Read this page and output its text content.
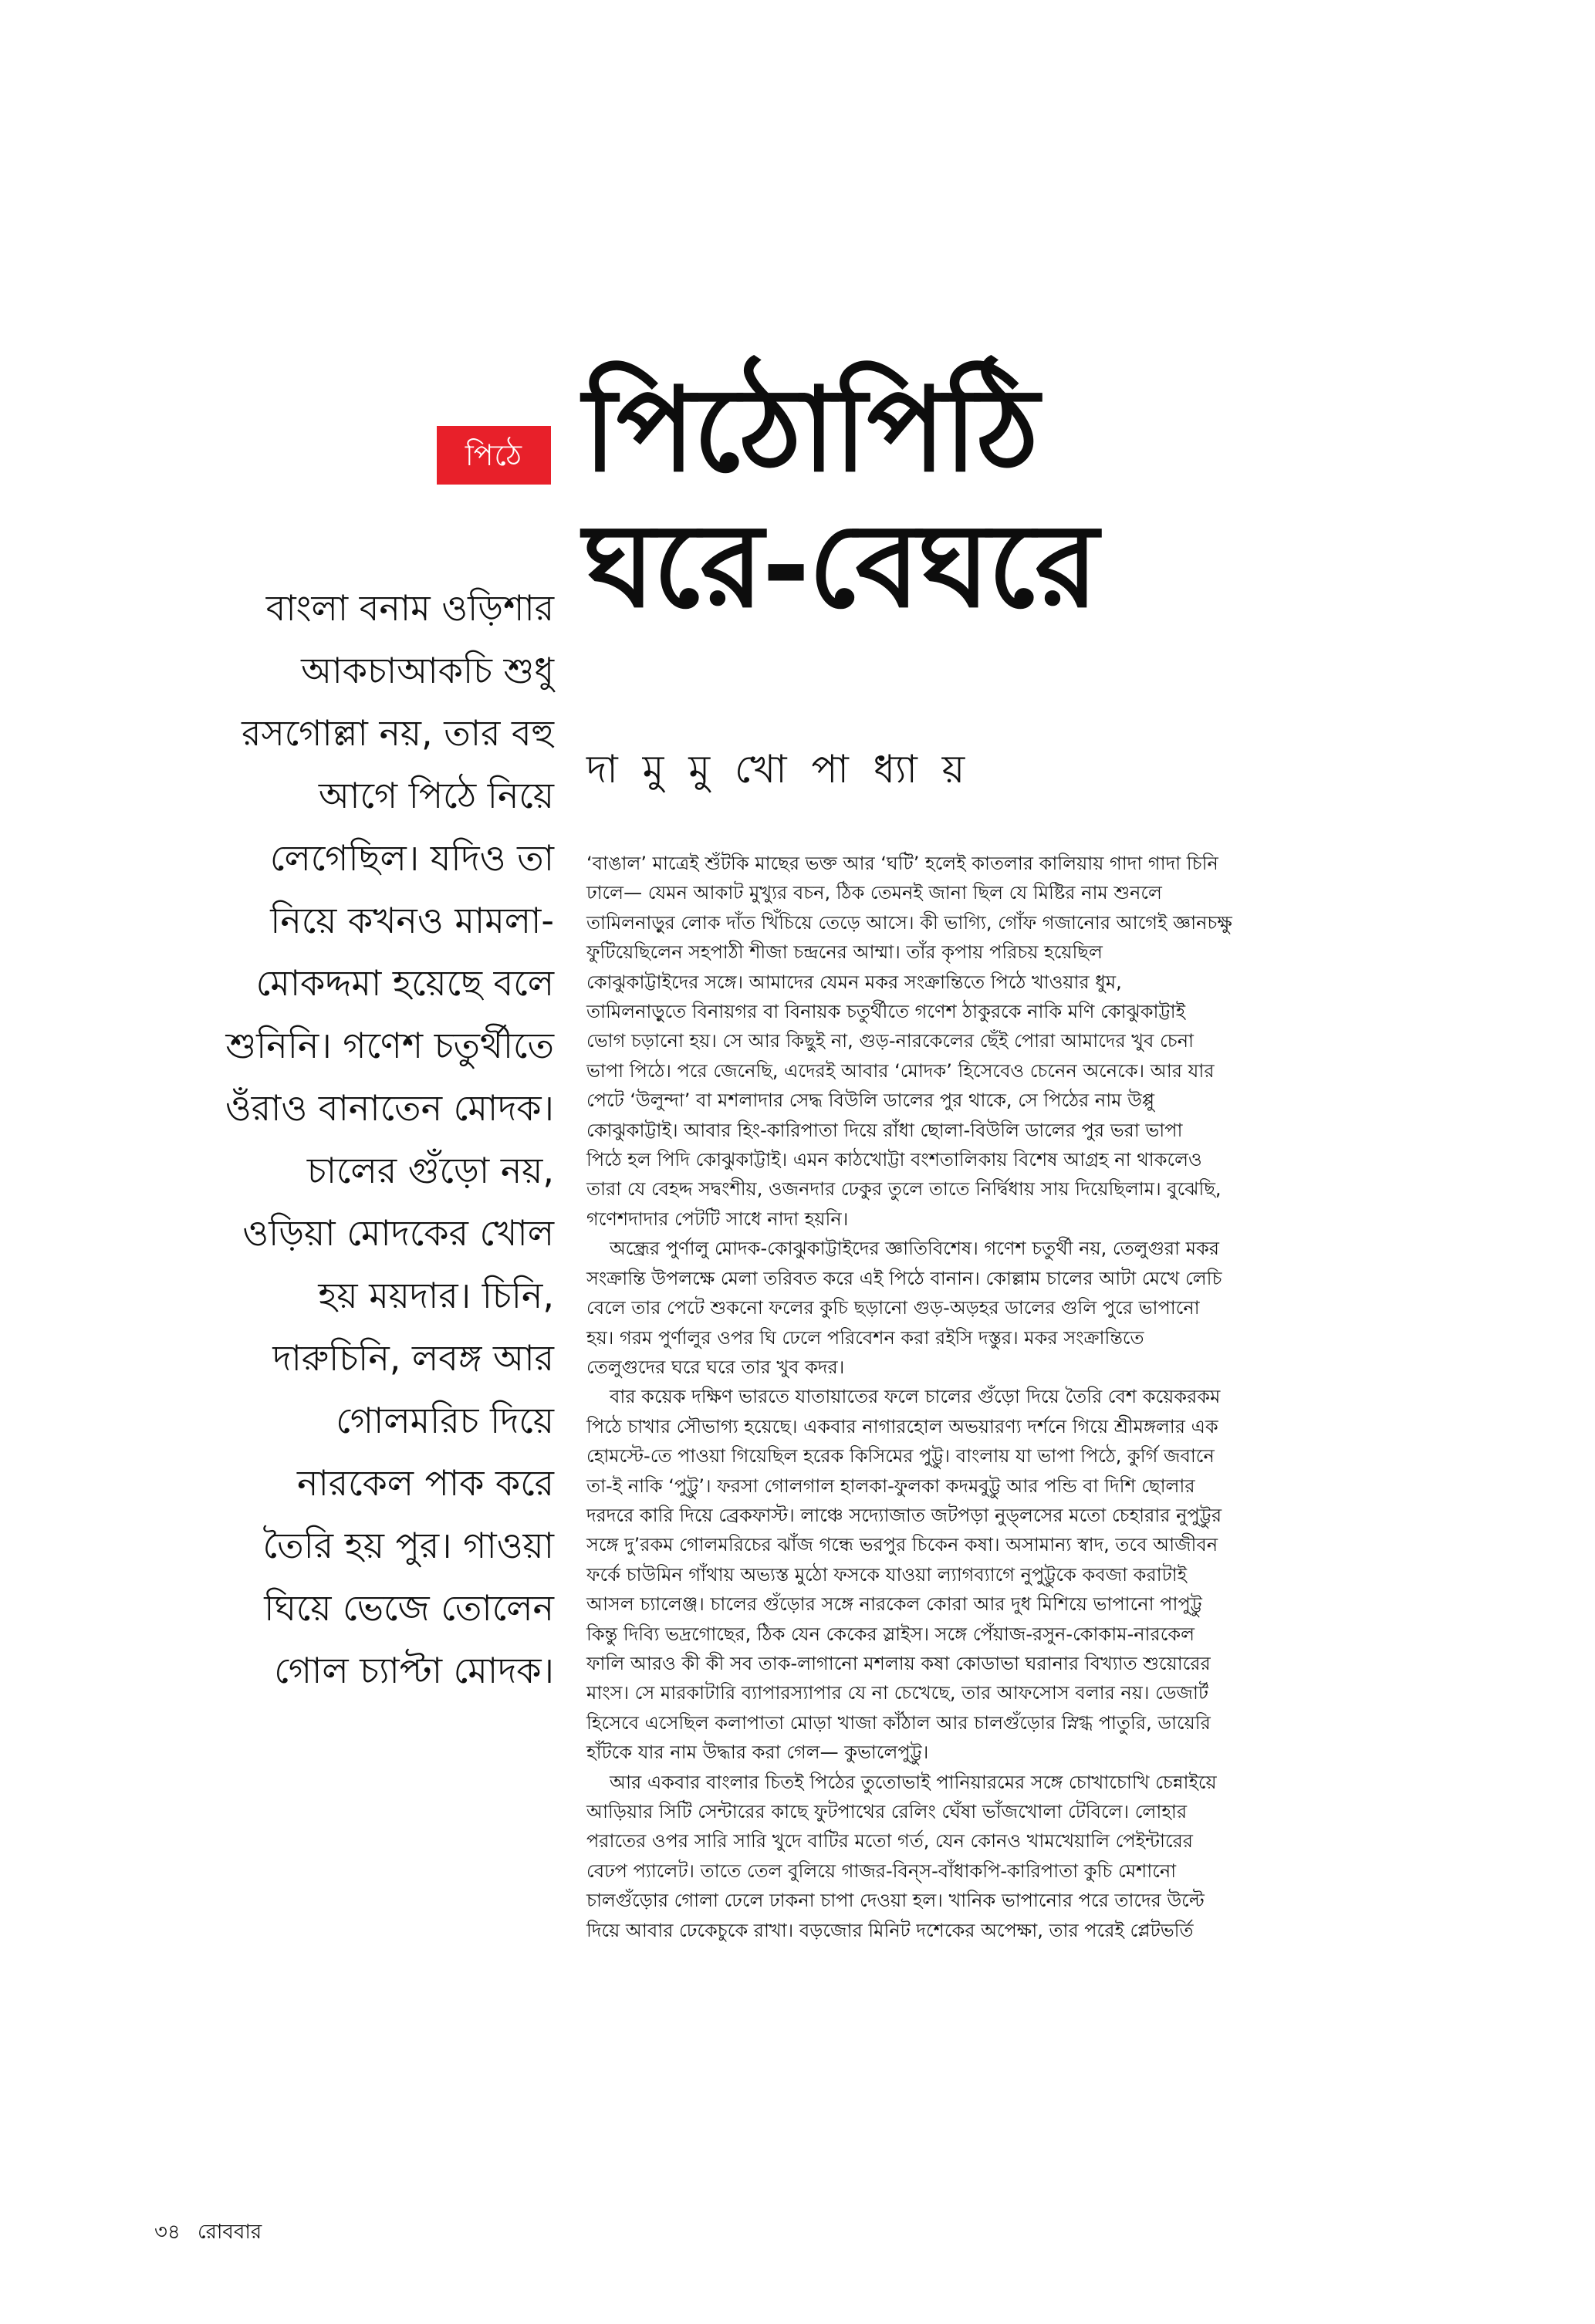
পিঠে পিঠোপিঠি
ঘরে-বেঘরে
দা মু মু খো পা ধ্যা য়
বাংলা বনাম ওড়িশার
আকচাআকচি শুধু
রসগোল্লা নয়, তার বহু
আগে পিঠে নিয়ে
লেগেছিল। যদিও তা
নিয়ে কখনও মামলা-
মোকদ্দমা হয়েছে বলে
শুনিনি। গণেশ চতুর্থীতে
ওঁরাও বানাতেন মোদক।
চালের গুঁড়ো নয়,
ওড়িয়া মোদকের খোল
হয় ময়দার। চিনি,
দারুচিনি, লবঙ্গ আর
গোলমরিচ দিয়ে
নারকেল পাক করে
তৈরি হয় পুর। গাওয়া
ঘিয়ে ভেজে তোলেন
গোল চ্যাপ্টা মোদক।
‘বাঙাল’ মাত্রেই শুঁটকি মাছের ভক্ত আর ‘ঘটি’ হলেই কাতলার কালিয়ায় গাদা গাদা চিনি
ঢালে— যেমন আকাট মুখ্যুর বচন, ঠিক তেমনই জানা ছিল যে মিষ্টির নাম শুনলে
তামিলনাড়ুর লোক দাঁত খিঁচিয়ে তেড়ে আসে। কী ভাগ্যি, গোঁফ গজানোর আগেই জ্ঞানচক্ষু
ফুটিয়েছিলেন সহপাঠী শীজা চন্দ্রনের আম্মা। তাঁর কৃপায় পরিচয় হয়েছিল
কোঝুকাট্টাইদের সঙ্গে। আমাদের যেমন মকর সংক্রান্তিতে পিঠে খাওয়ার ধুম,
তামিলনাড়ুতে বিনায়গর বা বিনায়ক চতুর্থীতে গণেশ ঠাকুরকে নাকি মণি কোঝুকাট্টাই
ভোগ চড়ানো হয়। সে আর কিছুই না, গুড়-নারকেলের ছেঁই পোরা আমাদের খুব চেনা
ভাপা পিঠে। পরে জেনেছি, এদেরই আবার ‘মোদক’ হিসেবেও চেনেন অনেকে। আর যার
পেটে ‘উলুন্দা’ বা মশলাদার সেদ্ধ বিউলি ডালের পুর থাকে, সে পিঠের নাম উপ্পু
কোঝুকাট্টাই। আবার হিং-কারিপাতা দিয়ে রাঁধা ছোলা-বিউলি ডালের পুর ভরা ভাপা
পিঠে হল পিদি কোঝুকাট্টাই। এমন কাঠখোট্টা বংশতালিকায় বিশেষ আগ্রহ না থাকলেও
তারা যে বেহদ্দ সদ্বংশীয়, ওজনদার ঢেকুর তুলে তাতে নির্দ্বিধায় সায় দিয়েছিলাম। বুঝেছি,
গণেশদাদার পেটটি সাধে নাদা হয়নি।
অন্ধ্রের পুর্ণালু মোদক-কোঝুকাট্টাইদের জ্ঞাতিবিশেষ। গণেশ চতুর্থী নয়, তেলুগুরা মকর
সংক্রান্তি উপলক্ষে মেলা তরিবত করে এই পিঠে বানান। কোল্লাম চালের আটা মেখে লেচি
বেলে তার পেটে শুকনো ফলের কুচি ছড়ানো গুড়-অড়হর ডালের গুলি পুরে ভাপানো
হয়। গরম পুর্ণালুর ওপর ঘি ঢেলে পরিবেশন করা রইসি দস্তুর। মকর সংক্রান্তিতে
তেলুগুদের ঘরে ঘরে তার খুব কদর।
বার কয়েক দক্ষিণ ভারতে যাতায়াতের ফলে চালের গুঁড়ো দিয়ে তৈরি বেশ কয়েকরকম
পিঠে চাখার সৌভাগ্য হয়েছে। একবার নাগারহোল অভয়ারণ্য দর্শনে গিয়ে শ্রীমঙ্গলার এক
হোমস্টে-তে পাওয়া গিয়েছিল হরেক কিসিমের পুট্টু। বাংলায় যা ভাপা পিঠে, কুর্গি জবানে
তা-ই নাকি ‘পুট্টু’। ফরসা গোলগাল হালকা-ফুলকা কদমবুট্টু আর পন্ডি বা দিশি ছোলার
দরদরে কারি দিয়ে ব্রেকফাস্ট। লাঞ্চে সদ্যোজাত জটপড়া নুড্‌লসের মতো চেহারার নুপুট্টুর
সঙ্গে দু’রকম গোলমরিচের ঝাঁজ গন্ধে ভরপুর চিকেন কষা। অসামান্য স্বাদ, তবে আজীবন
ফর্কে চাউমিন গাঁথায় অভ্যস্ত মুঠো ফসকে যাওয়া ল্যাগব্যাগে নুপুট্টুকে কবজা করাটাই
আসল চ্যালেঞ্জ। চালের গুঁড়োর সঙ্গে নারকেল কোরা আর দুধ মিশিয়ে ভাপানো পাপুট্টু
কিন্তু দিব্যি ভদ্রগোছের, ঠিক যেন কেকের স্লাইস। সঙ্গে পেঁয়াজ-রসুন-কোকাম-নারকেল
ফালি আরও কী কী সব তাক-লাগানো মশলায় কষা কোডাভা ঘরানার বিখ্যাত শুয়োরের
মাংস। সে মারকাটারি ব্যাপারস্যাপার যে না চেখেছে, তার আফসোস বলার নয়। ডেজার্ট
হিসেবে এসেছিল কলাপাতা মোড়া খাজা কাঁঠাল আর চালগুঁড়োর স্নিগ্ধ পাতুরি, ডায়েরি
হাঁটকে যার নাম উদ্ধার করা গেল— কুভালেপুট্টু।
আর একবার বাংলার চিতই পিঠের তুতোভাই পানিয়ারমের সঙ্গে চোখাচোখি চেন্নাইয়ে
আড়িয়ার সিটি সেন্টারের কাছে ফুটপাথের রেলিং ঘেঁষা ভাঁজখোলা টেবিলে। লোহার
পরাতের ওপর সারি সারি খুদে বাটির মতো গর্ত, যেন কোনও খামখেয়ালি পেইন্টারের
বেঢপ প্যালেট। তাতে তেল বুলিয়ে গাজর-বিন্‌স-বাঁধাকপি-কারিপাতা কুচি মেশানো
চালগুঁড়োর গোলা ঢেলে ঢাকনা চাপা দেওয়া হল। খানিক ভাপানোর পরে তাদের উল্টে
দিয়ে আবার ঢেকেচুকে রাখা। বড়জোর মিনিট দশেকের অপেক্ষা, তার পরেই প্লেটভর্তি
৩৪ রোববার
